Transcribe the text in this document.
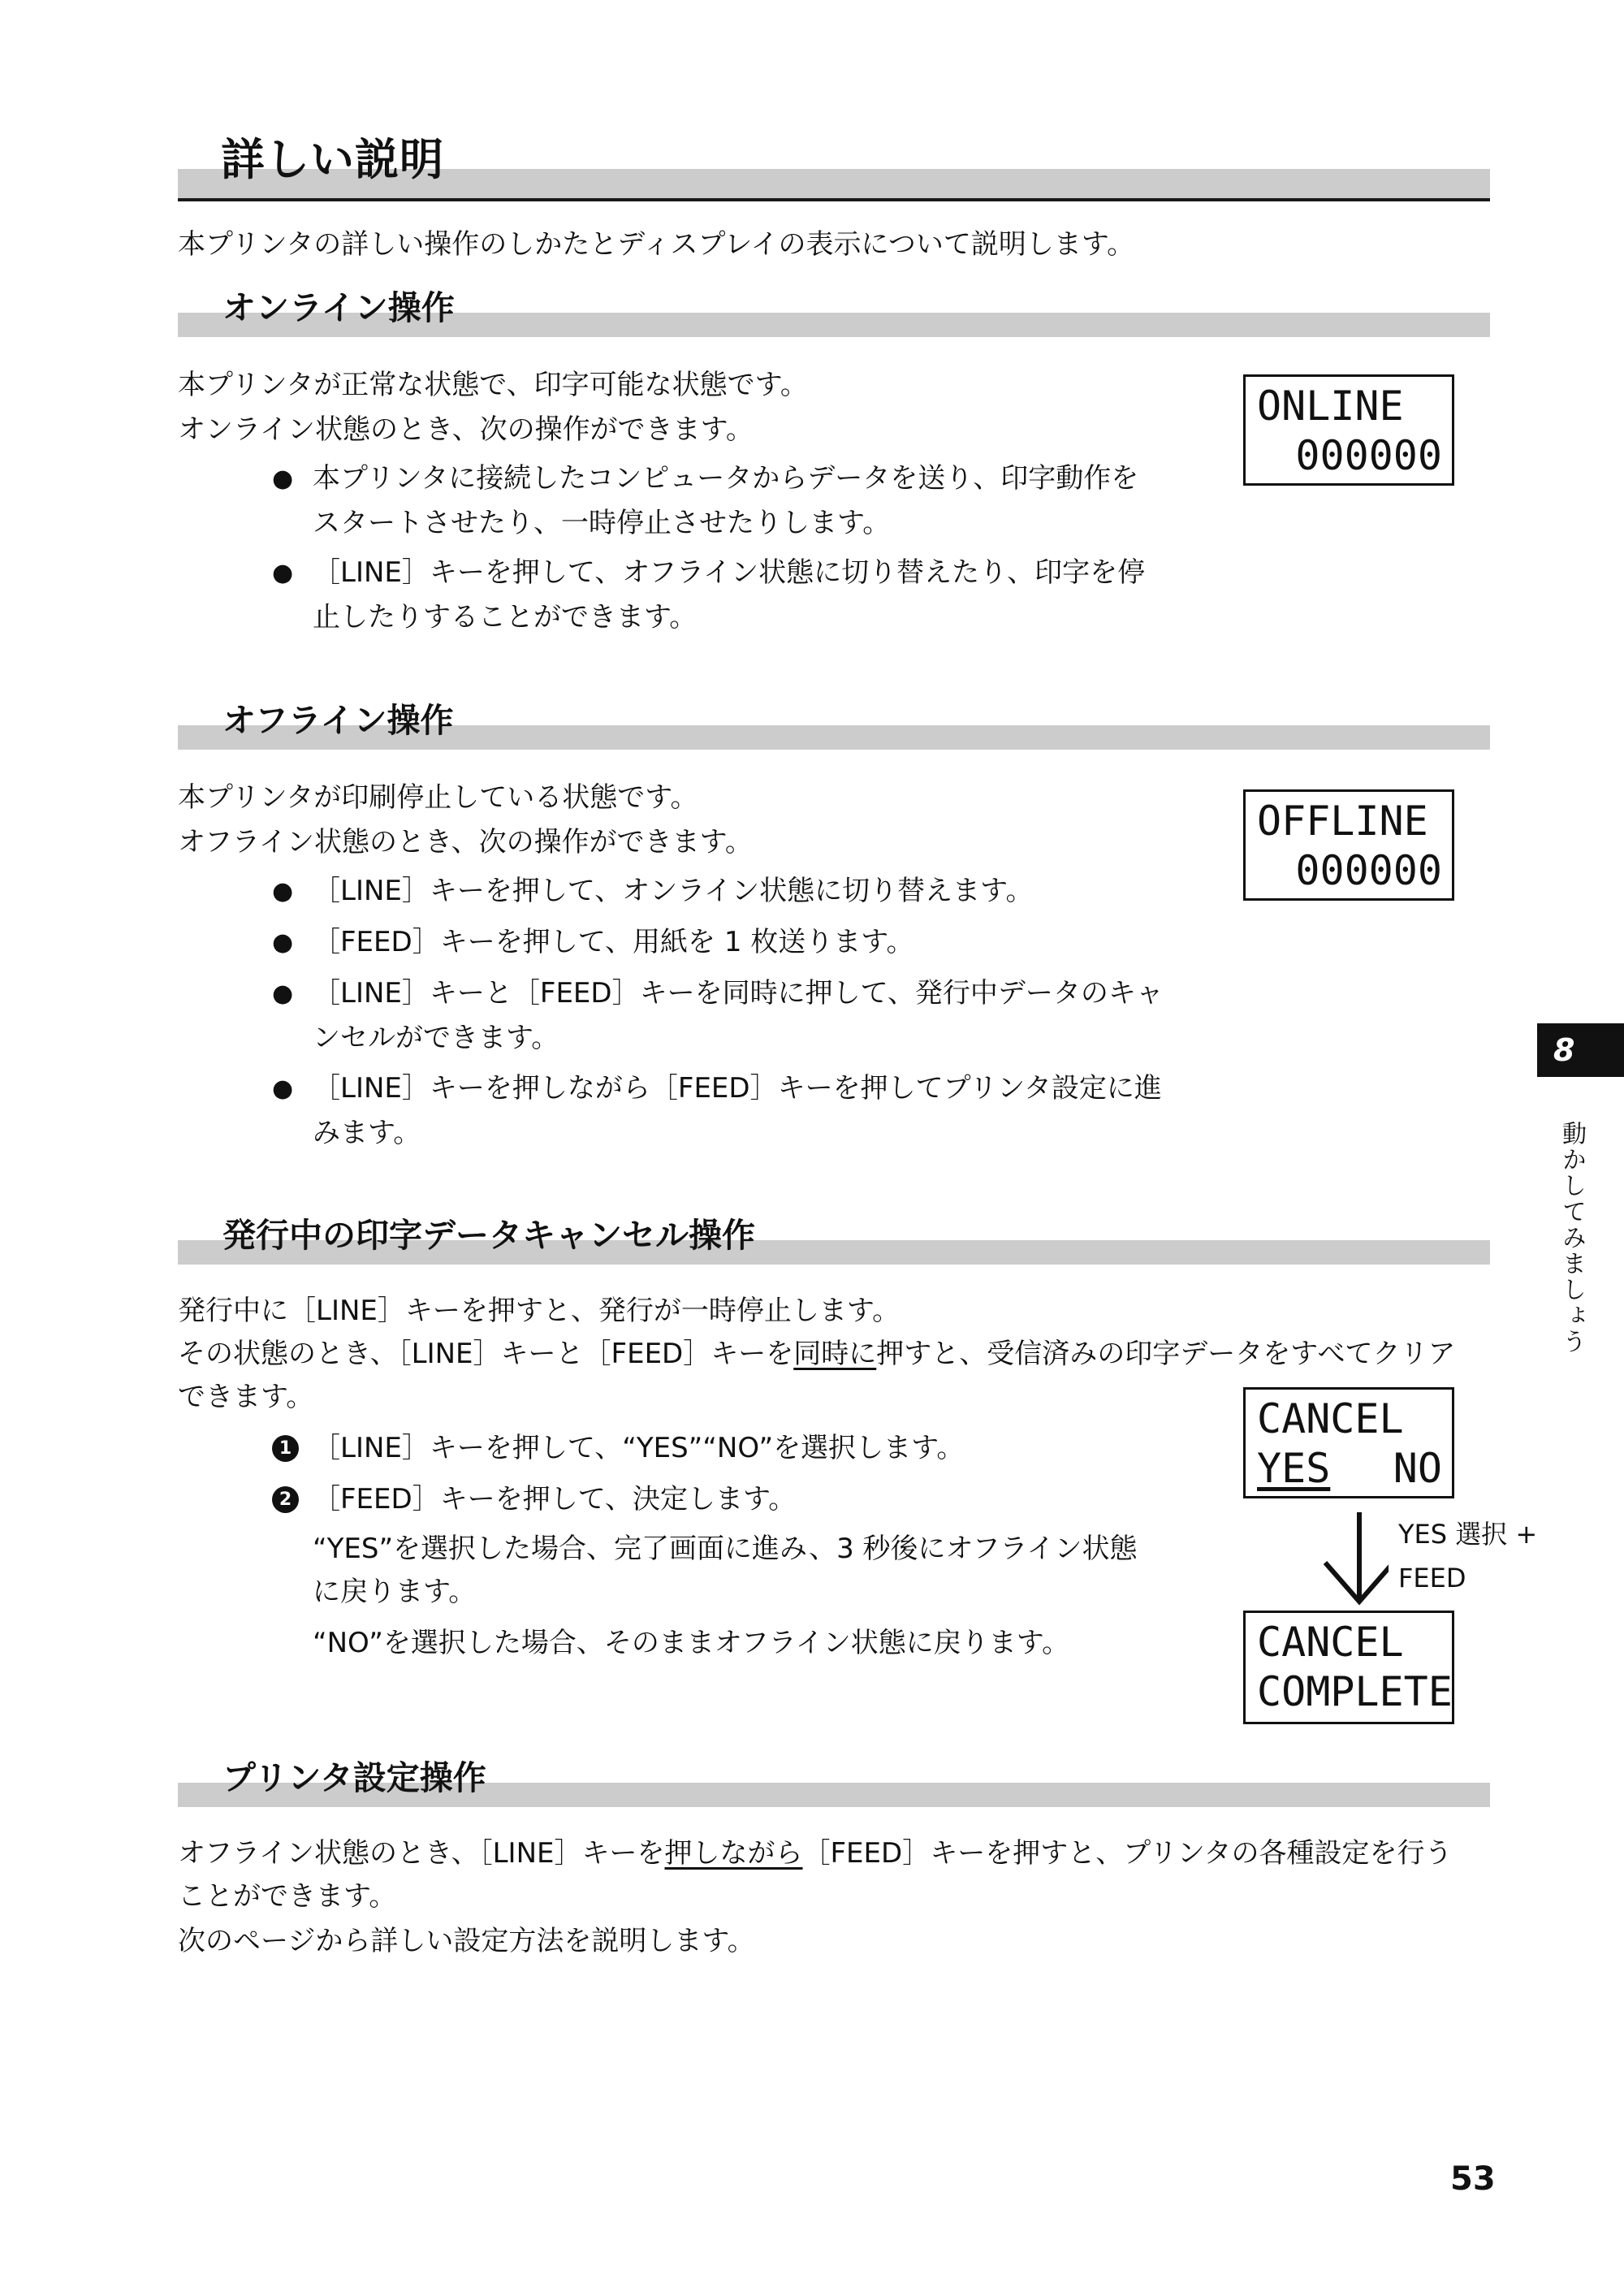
詳しい説明
本プリンタの詳しい操作のしかたとディスプレイの表示について説明します。
オンライン操作
本プリンタが正常な状態で、印字可能な状態です。
オンライン状態のとき、次の操作ができます。
● 本プリンタに接続したコンピュータからデータを送り、印字動作を
スタートさせたり、一時停止させたりします。
● ［LINE］キーを押して、オフライン状態に切り替えたり、印字を停
止したりすることができます。
ONLINE
000000
オフライン操作
本プリンタが印刷停止している状態です。
オフライン状態のとき、次の操作ができます。
● ［LINE］キーを押して、オンライン状態に切り替えます。
● ［FEED］キーを押して、用紙を 1 枚送ります。
● ［LINE］キーと［FEED］キーを同時に押して、発行中データのキャ
ンセルができます。
● ［LINE］キーを押しながら［FEED］キーを押してプリンタ設定に進
みます。
OFFLINE
000000
発行中の印字データキャンセル操作
発行中に［LINE］キーを押すと、発行が一時停止します。
その状態のとき、［LINE］キーと［FEED］キーを同時に押すと、受信済みの印字データをすべてクリア
できます。
1 ［LINE］キーを押して、“YES”“NO”を選択します。
2 ［FEED］キーを押して、決定します。
“YES”を選択した場合、完了画面に進み、3 秒後にオフライン状態
に戻ります。
“NO”を選択した場合、そのままオフライン状態に戻ります。
CANCEL
YES NO
YES 選択 +
FEED
CANCEL
COMPLETE
プリンタ設定操作
オフライン状態のとき、［LINE］キーを押しながら［FEED］キーを押すと、プリンタの各種設定を行う
ことができます。
次のページから詳しい設定方法を説明します。
8
動かしてみましょう
53
